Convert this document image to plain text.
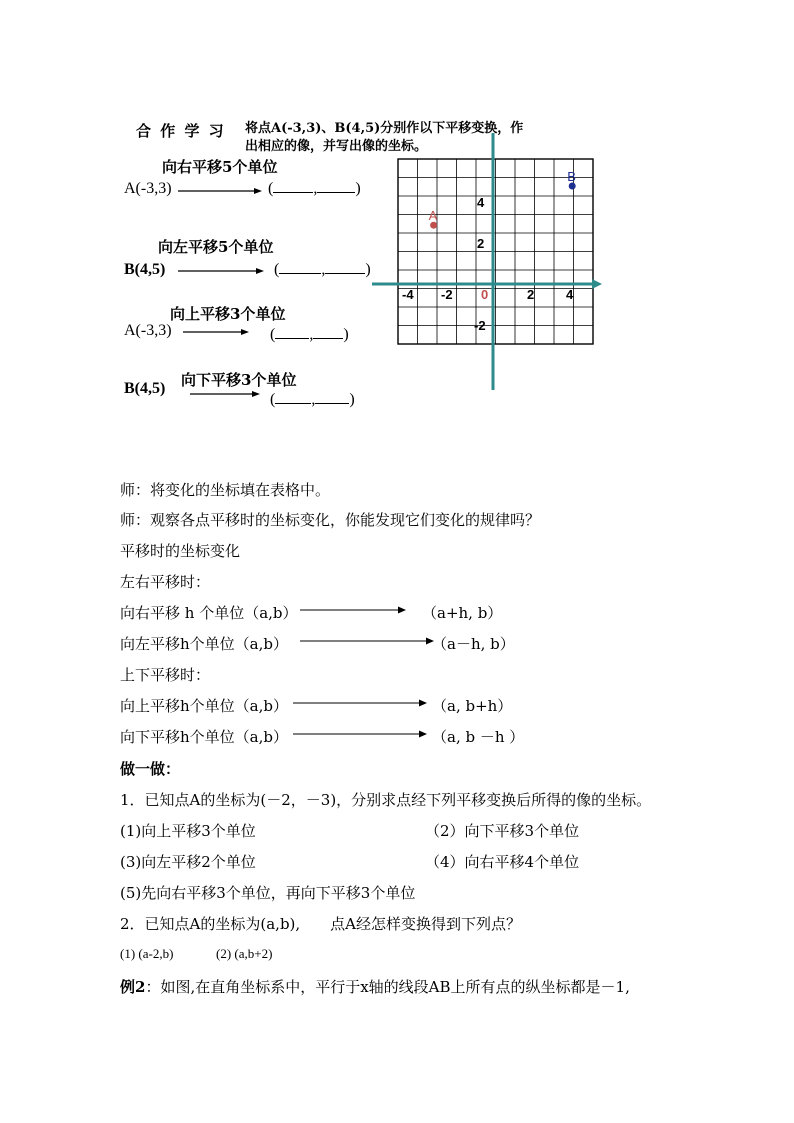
合 作 学 习 将点A(-3,3)、B(4,5)分别作以下平移变换，作
出相应的像，并写出像的坐标。
向右平移5个单位
A(-3,3)	(	, )
向左平移5个单位
B(4,5)	(	,	)
向上平移3个单位
A(-3,3)	( , )
向下平移3个单位
B(4,5)
( , )
-4 -2	2 4
4
2
-2
0
A
B
师：将变化的坐标填在表格中。
师：观察各点平移时的坐标变化，你能发现它们变化的规律吗？
平移时的坐标变化
左右平移时：
向右平移 h 个单位（a,b）	（a+h, b）
向左平移h个单位（a,b）	（a－h, b）
上下平移时：
向上平移h个单位（a,b）	（a, b+h）
向下平移h个单位（a,b）	（a, b －h ）
做一做：
1．已知点A的坐标为(－2，－3)，分别求点经下列平移变换后所得的像的坐标。
(1)向上平移3个单位	（2）向下平移3个单位
(3)向左平移2个单位	（4）向右平移4个单位
(5)先向右平移3个单位，再向下平移3个单位
2．已知点A的坐标为(a,b),　　点A经怎样变换得到下列点？
(1) (a-2,b)	(2) (a,b+2)
例2：如图,在直角坐标系中，平行于x轴的线段AB上所有点的纵坐标都是－1,
